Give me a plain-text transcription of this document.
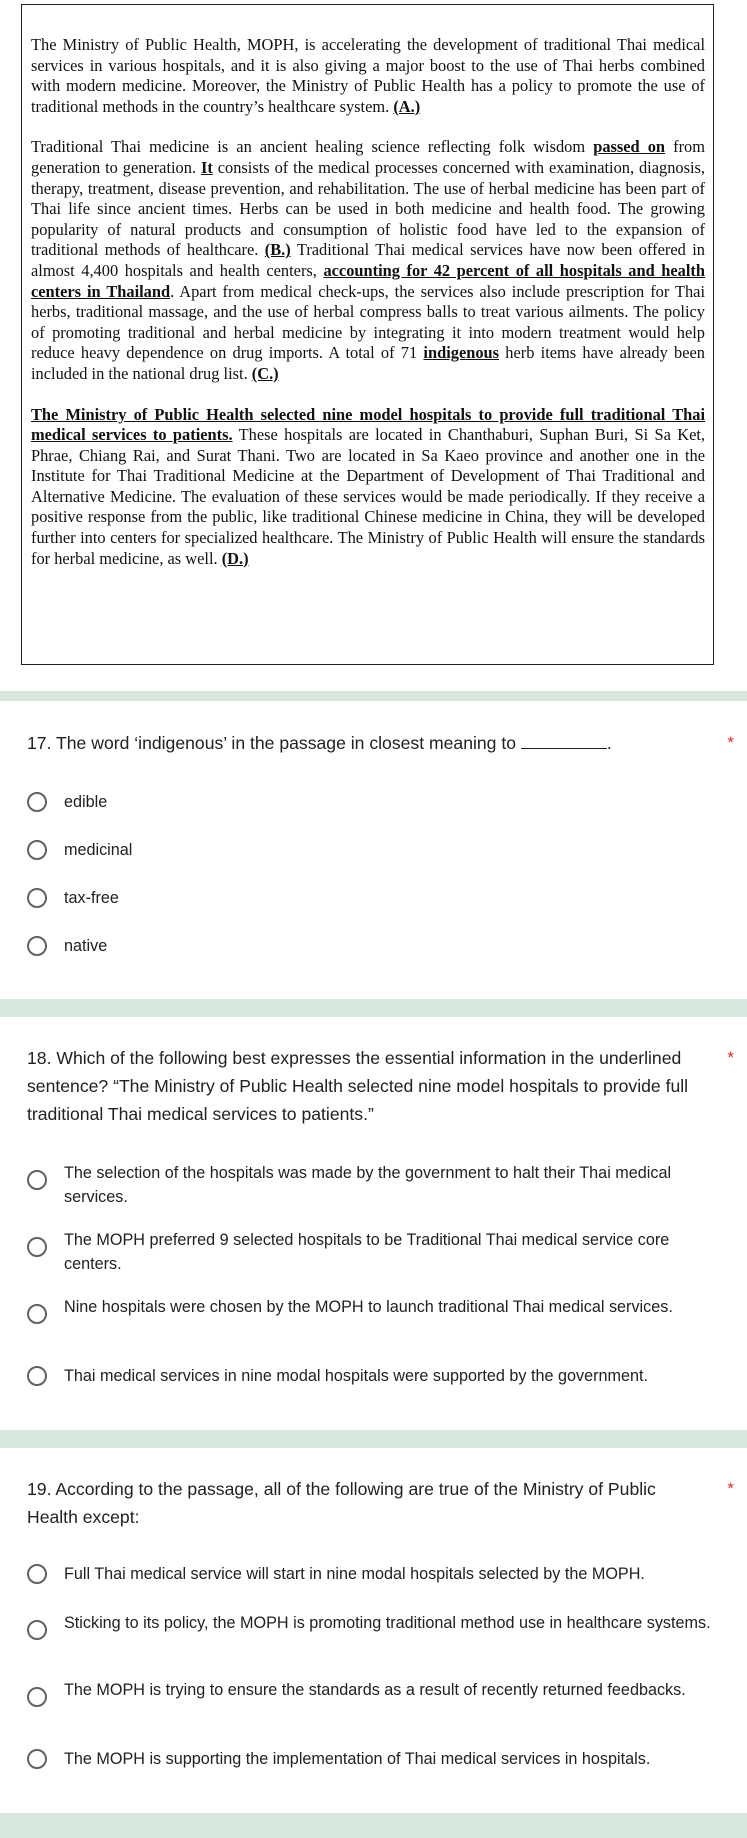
The Ministry of Public Health, MOPH, is accelerating the development of traditional Thai medical services in various hospitals, and it is also giving a major boost to the use of Thai herbs combined with modern medicine. Moreover, the Ministry of Public Health has a policy to promote the use of traditional methods in the country’s healthcare system. (A.)

Traditional Thai medicine is an ancient healing science reflecting folk wisdom passed on from generation to generation. It consists of the medical processes concerned with examination, diagnosis, therapy, treatment, disease prevention, and rehabilitation. The use of herbal medicine has been part of Thai life since ancient times. Herbs can be used in both medicine and health food. The growing popularity of natural products and consumption of holistic food have led to the expansion of traditional methods of healthcare. (B.) Traditional Thai medical services have now been offered in almost 4,400 hospitals and health centers, accounting for 42 percent of all hospitals and health centers in Thailand. Apart from medical check-ups, the services also include prescription for Thai herbs, traditional massage, and the use of herbal compress balls to treat various ailments. The policy of promoting traditional and herbal medicine by integrating it into modern treatment would help reduce heavy dependence on drug imports. A total of 71 indigenous herb items have already been included in the national drug list. (C.)

The Ministry of Public Health selected nine model hospitals to provide full traditional Thai medical services to patients. These hospitals are located in Chanthaburi, Suphan Buri, Si Sa Ket, Phrae, Chiang Rai, and Surat Thani. Two are located in Sa Kaeo province and another one in the Institute for Thai Traditional Medicine at the Department of Development of Thai Traditional and Alternative Medicine. The evaluation of these services would be made periodically. If they receive a positive response from the public, like traditional Chinese medicine in China, they will be developed further into centers for specialized healthcare. The Ministry of Public Health will ensure the standards for herbal medicine, as well. (D.)

17. The word ‘indigenous’ in the passage in closest meaning to	.	*
edible
medicinal
tax-free
native
18. Which of the following best expresses the essential information in the underlined sentence? “The Ministry of Public Health selected nine model hospitals to provide full traditional Thai medical services to patients.”
*
The selection of the hospitals was made by the government to halt their Thai medical services.
The MOPH preferred 9 selected hospitals to be Traditional Thai medical service core centers.
Nine hospitals were chosen by the MOPH to launch traditional Thai medical services.
Thai medical services in nine modal hospitals were supported by the government.
19. According to the passage, all of the following are true of the Ministry of Public Health except:
*
Full Thai medical service will start in nine modal hospitals selected by the MOPH.
Sticking to its policy, the MOPH is promoting traditional method use in healthcare systems.
The MOPH is trying to ensure the standards as a result of recently returned feedbacks.
The MOPH is supporting the implementation of Thai medical services in hospitals.
